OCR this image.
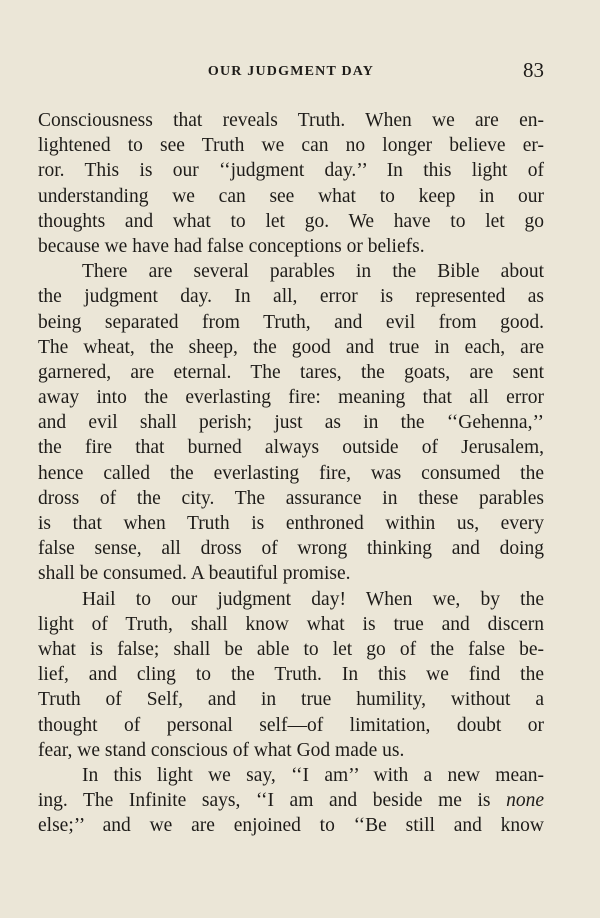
OUR JUDGMENT DAY	83
Consciousness that reveals Truth. When we are en-
lightened to see Truth we can no longer believe er-
ror. This is our ‘‘judgment day.’’ In this light of
understanding we can see what to keep in our
thoughts and what to let go. We have to let go
because we have had false conceptions or beliefs.
There are several parables in the Bible about
the judgment day. In all, error is represented as
being separated from Truth, and evil from good.
The wheat, the sheep, the good and true in each, are
garnered, are eternal. The tares, the goats, are sent
away into the everlasting fire: meaning that all error
and evil shall perish; just as in the ‘‘Gehenna,’’
the fire that burned always outside of Jerusalem,
hence called the everlasting fire, was consumed the
dross of the city. The assurance in these parables
is that when Truth is enthroned within us, every
false sense, all dross of wrong thinking and doing
shall be consumed. A beautiful promise.
Hail to our judgment day! When we, by the
light of Truth, shall know what is true and discern
what is false; shall be able to let go of the false be-
lief, and cling to the Truth. In this we find the
Truth of Self, and in true humility, without a
thought of personal self—of limitation, doubt or
fear, we stand conscious of what God made us.
In this light we say, ‘‘I am’’ with a new mean-
ing. The Infinite says, ‘‘I am and beside me is none
else;’’ and we are enjoined to ‘‘Be still and know
